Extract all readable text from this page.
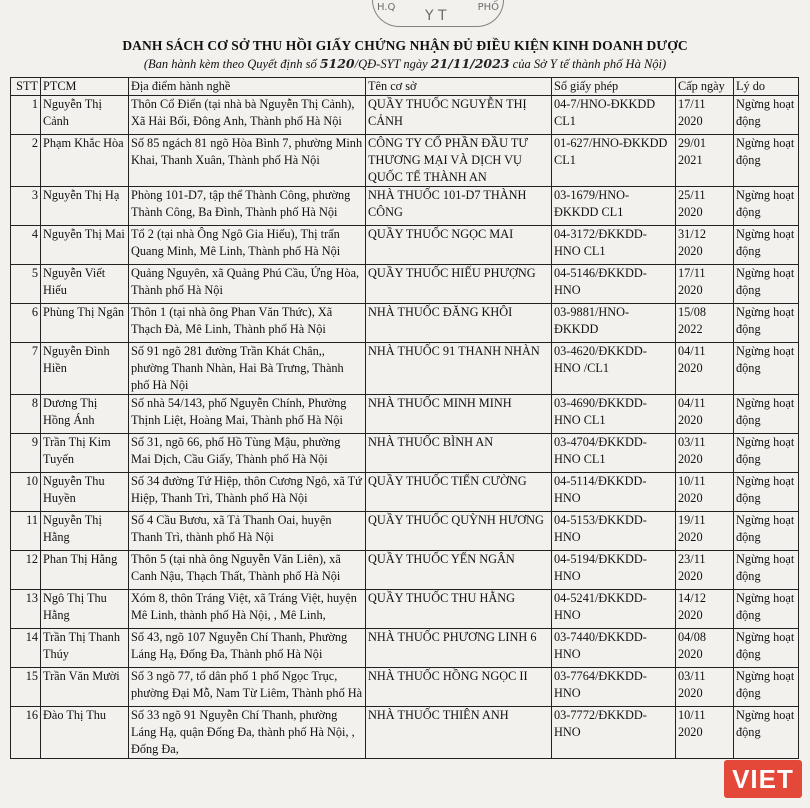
H.Q
Y T
PHỐ
DANH SÁCH CƠ SỞ THU HỒI GIẤY CHỨNG NHẬN ĐỦ ĐIỀU KIỆN KINH DOANH DƯỢC
(Ban hành kèm theo Quyết định số 5120/QĐ-SYT ngày 21/11/2023 của Sở Y tế thành phố Hà Nội)
STT	PTCM	Địa điểm hành nghề	Tên cơ sở	Số giấy phép	Cấp ngày	Lý do
1	Nguyễn Thị Cảnh	Thôn Cổ Điển (tại nhà bà Nguyễn Thị Cảnh), Xã Hải Bối, Đông Anh, Thành phố Hà Nội	QUẦY THUỐC NGUYỄN THỊ CẢNH	04-7/HNO-ĐKKDD CL1	17/11 2020	Ngừng hoạt động
2	Phạm Khắc Hòa	Số 85 ngách 81 ngõ Hòa Bình 7, phường Minh Khai, Thanh Xuân, Thành phố Hà Nội	CÔNG TY CỔ PHẦN ĐẦU TƯ THƯƠNG MẠI VÀ DỊCH VỤ QUỐC TẾ THÀNH AN	01-627/HNO-ĐKKDD CL1	29/01 2021	Ngừng hoạt động
3	Nguyễn Thị Hạ	Phòng 101-D7, tập thể Thành Công, phường Thành Công, Ba Đình, Thành phố Hà Nội	NHÀ THUỐC 101-D7 THÀNH CÔNG	03-1679/HNO-ĐKKDD CL1	25/11 2020	Ngừng hoạt động
4	Nguyễn Thị Mai	Tổ 2 (tại nhà Ông Ngô Gia Hiếu), Thị trấn Quang Minh, Mê Linh, Thành phố Hà Nội	QUẦY THUỐC NGỌC MAI	04-3172/ĐKKDD-HNO CL1	31/12 2020	Ngừng hoạt động
5	Nguyễn Viết Hiếu	Quảng Nguyên, xã Quảng Phú Cầu, Ứng Hòa, Thành phố Hà Nội	QUẦY THUỐC HIẾU PHƯỢNG	04-5146/ĐKKDD-HNO	17/11 2020	Ngừng hoạt động
6	Phùng Thị Ngân	Thôn 1 (tại nhà ông Phan Văn Thức), Xã Thạch Đà, Mê Linh, Thành phố Hà Nội	NHÀ THUỐC ĐĂNG KHÔI	03-9881/HNO-ĐKKDD	15/08 2022	Ngừng hoạt động
7	Nguyễn Đình Hiền	Số 91 ngõ 281 đường Trần Khát Chân,, phường Thanh Nhàn, Hai Bà Trưng, Thành phố Hà Nội	NHÀ THUỐC 91 THANH NHÀN	03-4620/ĐKKDD-HNO /CL1	04/11 2020	Ngừng hoạt động
8	Dương Thị Hồng Ánh	Số nhà 54/143, phố Nguyễn Chính, Phường Thịnh Liệt, Hoàng Mai, Thành phố Hà Nội	NHÀ THUỐC MINH MINH	03-4690/ĐKKDD-HNO CL1	04/11 2020	Ngừng hoạt động
9	Trần Thị Kim Tuyến	Số 31, ngõ 66, phố Hồ Tùng Mậu, phường Mai Dịch, Cầu Giấy, Thành phố Hà Nội	NHÀ THUỐC BÌNH AN	03-4704/ĐKKDD-HNO CL1	03/11 2020	Ngừng hoạt động
10	Nguyễn Thu Huyền	Số 34 đường Tứ Hiệp, thôn Cương Ngô, xã Tứ Hiệp, Thanh Trì, Thành phố Hà Nội	QUẦY THUỐC TIẾN CƯỜNG	04-5114/ĐKKDD-HNO	10/11 2020	Ngừng hoạt động
11	Nguyễn Thị Hằng	Số 4 Cầu Bươu, xã Tả Thanh Oai, huyện Thanh Trì, thành phố Hà Nội	QUẦY THUỐC QUỲNH HƯƠNG	04-5153/ĐKKDD-HNO	19/11 2020	Ngừng hoạt động
12	Phan Thị Hằng	Thôn 5 (tại nhà ông Nguyễn Văn Liên), xã Canh Nậu, Thạch Thất, Thành phố Hà Nội	QUẦY THUỐC YẾN NGÂN	04-5194/ĐKKDD-HNO	23/11 2020	Ngừng hoạt động
13	Ngô Thị Thu Hằng	Xóm 8, thôn Tráng Việt, xã Tráng Việt, huyện Mê Linh, thành phố Hà Nội, , Mê Linh,	QUẦY THUỐC THU HẰNG	04-5241/ĐKKDD-HNO	14/12 2020	Ngừng hoạt động
14	Trần Thị Thanh Thúy	Số 43, ngõ 107 Nguyễn Chí Thanh, Phường Láng Hạ, Đống Đa, Thành phố Hà Nội	NHÀ THUỐC PHƯƠNG LINH 6	03-7440/ĐKKDD-HNO	04/08 2020	Ngừng hoạt động
15	Trần Văn Mười	Số 3 ngõ 77, tổ dân phố 1 phố Ngọc Trục, phường Đại Mỗ, Nam Từ Liêm, Thành phố Hà	NHÀ THUỐC HỒNG NGỌC II	03-7764/ĐKKDD-HNO	03/11 2020	Ngừng hoạt động
16	Đào Thị Thu	Số 33 ngõ 91 Nguyễn Chí Thanh, phường Láng Hạ, quận Đống Đa, thành phố Hà Nội, , Đống Đa,	NHÀ THUỐC THIÊN ANH	03-7772/ĐKKDD-HNO	10/11 2020	Ngừng hoạt động
VIET
